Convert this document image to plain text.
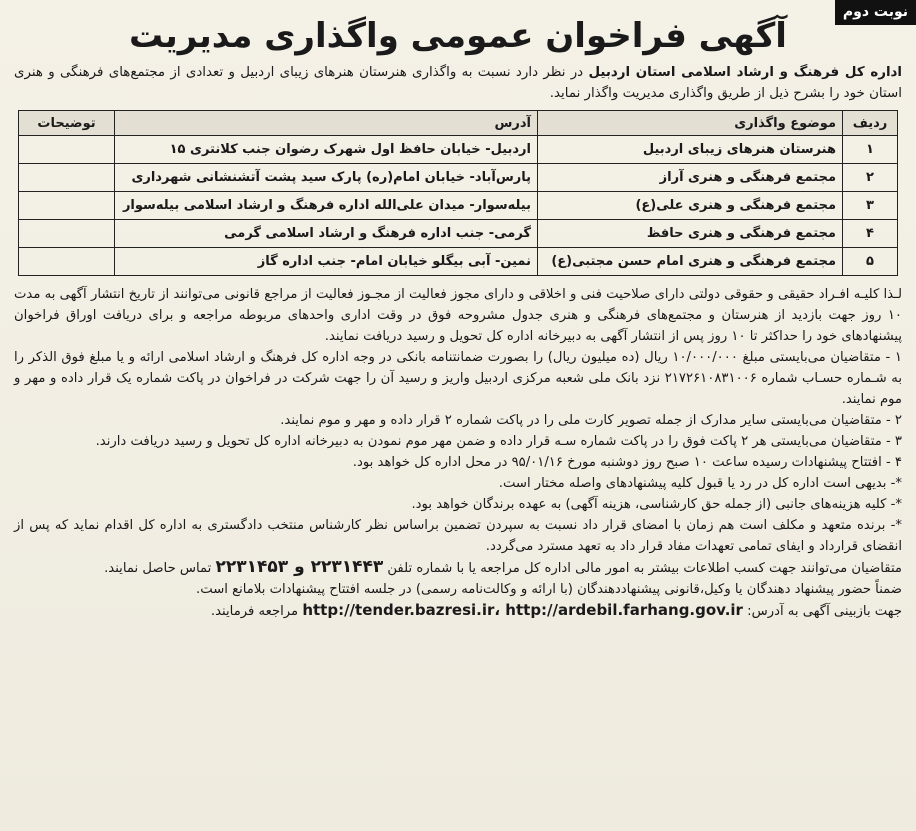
نوبت دوم
آگهی فراخوان عمومی واگذاری مدیریت

اداره کل فرهنگ و ارشاد اسلامی استان اردبیل در نظر دارد نسبت به واگذاری هنرستان هنرهای زیبای اردبیل و تعدادی از مجتمع‌های فرهنگی و هنری استان خود را بشرح ذیل از طریق واگذاری مدیریت واگذار نماید.

ردیف	موضوع واگذاری	آدرس	توضیحات
۱	هنرستان هنرهای زیبای اردبیل	اردبیل- خیابان حافظ اول شهرک رضوان جنب کلانتری ۱۵	
۲	مجتمع فرهنگی و هنری آراز	پارس‌آباد- خیابان امام(ره) پارک سید پشت آتشنشانی شهرداری	
۳	مجتمع فرهنگی و هنری علی(ع)	بیله‌سوار- میدان علی‌الله اداره فرهنگ و ارشاد اسلامی بیله‌سوار	
۴	مجتمع فرهنگی و هنری حافظ	گرمی- جنب اداره فرهنگ و ارشاد اسلامی گرمی	
۵	مجتمع فرهنگی و هنری امام حسن مجتبی(ع)	نمین- آبی بیگلو خیابان امام- جنب اداره گاز	

لـذا کلیـه افـراد حقیقی و حقوقی دولتی دارای صلاحیت فنی و اخلاقی و دارای مجوز فعالیت از مجـوز فعالیت از مراجع قانونی می‌توانند از تاریخ انتشار آگهی به مدت ۱۰ روز جهت بازدید از هنرستان و مجتمع‌های فرهنگی و هنری جدول مشروحه فوق در وقت اداری واحدهای مربوطه مراجعه و برای دریافت اوراق فراخوان پیشنهادهای خود را حداکثر تا ۱۰ روز پس از انتشار آگهی به دبیرخانه اداره کل تحویل و رسید دریافت نمایند.

۱ - متقاضیان می‌بایستی مبلغ ۱۰/۰۰۰/۰۰۰ ریال (ده میلیون ریال) را بصورت ضمانتنامه بانکی در وجه اداره کل فرهنگ و ارشاد اسلامی ارائه و یا مبلغ فوق الذکر را به شـماره حسـاب شماره ۲۱۷۲۶۱۰۸۳۱۰۰۶ نزد بانک ملی شعبه مرکزی اردبیل واریز و رسید آن را جهت شرکت در فراخوان در پاکت شماره یک قرار داده و مهر و موم نمایند.

۲ - متقاضیان می‌بایستی سایر مدارک از جمله تصویر کارت ملی را در پاکت شماره ۲ قرار داده و مهر و موم نمایند.

۳ - متقاضیان می‌بایستی هر ۲ پاکت فوق را در پاکت شماره سـه قرار داده و ضمن مهر موم نمودن به دبیرخانه اداره کل تحویل و رسید دریافت دارند.

۴ - افتتاح پیشنهادات رسیده ساعت ۱۰ صبح روز دوشنبه مورخ ۹۵/۰۱/۱۶ در محل اداره کل خواهد بود.

*- بدیهی است اداره کل در رد یا قبول کلیه پیشنهادهای واصله مختار است.

*- کلیه هزینه‌های جانبی (از جمله حق کارشناسی، هزینه آگهی) به عهده برندگان خواهد بود.

*- برنده متعهد و مکلف است هم زمان با امضای قرار داد نسبت به سپردن تضمین براساس نظر کارشناس منتخب دادگستری به اداره کل اقدام نماید که پس از انقضای قرارداد و ایفای تمامی تعهدات مفاد قرار داد به تعهد مسترد می‌گردد.

متقاضیان می‌توانند جهت کسب اطلاعات بیشتر به امور مالی اداره کل مراجعه یا با شماره تلفن ۲۲۳۱۴۴۳ و ۲۲۳۱۴۵۳ تماس حاصل نمایند.

ضمناً حضور پیشنهاد دهندگان یا وکیل،قانونی پیشنهاددهندگان (با ارائه و وکالت‌نامه رسمی) در جلسه افتتاح پیشنهادات بلامانع است.

جهت بازبینی آگهی به آدرس: http://tender.bazresi.ir، http://ardebil.farhang.gov.ir مراجعه فرمایند.
